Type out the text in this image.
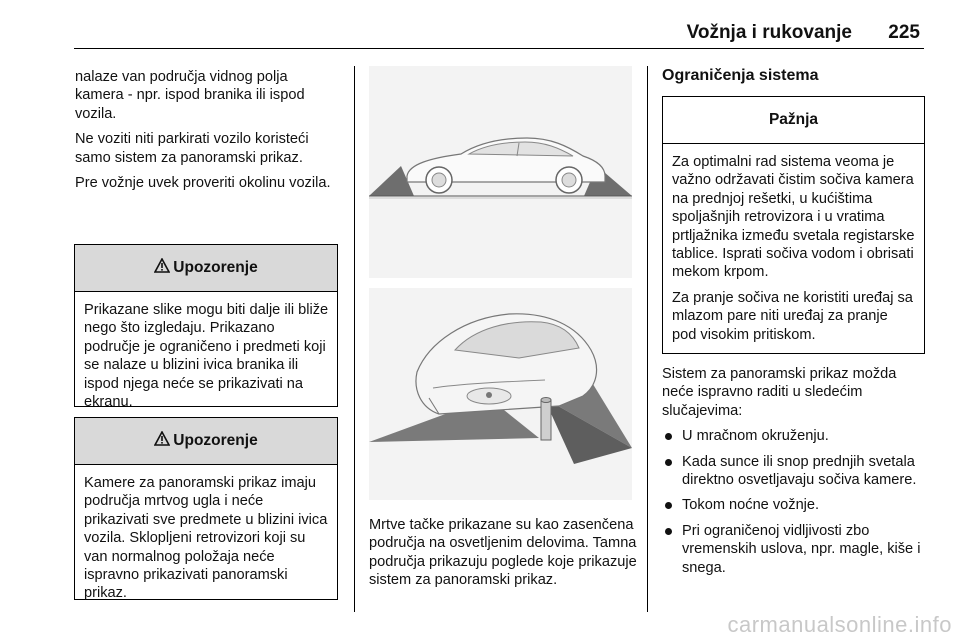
Vožnja i rukovanje 225

nalaze van područja vidnog polja kamera - npr. ispod branika ili ispod vozila.

Ne voziti niti parkirati vozilo koristeći samo sistem za panoramski prikaz.

Pre vožnje uvek proveriti okolinu vozila.

Upozorenje

Prikazane slike mogu biti dalje ili bliže nego što izgledaju. Prikazano područje je ograničeno i predmeti koji se nalaze u blizini ivica branika ili ispod njega neće se prikazivati na ekranu.

Upozorenje

Kamere za panoramski prikaz imaju područja mrtvog ugla i neće prikazivati sve predmete u blizini ivica vozila. Sklopljeni retrovizori koji su van normalnog položaja neće ispravno prikazivati panoramski prikaz.

Mrtve tačke prikazane su kao zasenčena područja na osvetljenim delovima. Tamna područja prikazuju poglede koje prikazuje sistem za panoramski prikaz.
Ograničenja sistema
Pažnja

Za optimalni rad sistema veoma je važno održavati čistim sočiva kamera na prednjoj rešetki, u kućištima spoljašnjih retrovizora i u vratima prtljažnika između svetala registarske tablice. Isprati sočiva vodom i obrisati mekom krpom.

Za pranje sočiva ne koristiti uređaj sa mlazom pare niti uređaj za pranje pod visokim pritiskom.

Sistem za panoramski prikaz možda neće ispravno raditi u sledećim slučajevima:

U mračnom okruženju.
Kada sunce ili snop prednjih svetala direktno osvetljavaju sočiva kamere.
Tokom noćne vožnje.
Pri ograničenoj vidljivosti zbo vremenskih uslova, npr. magle, kiše i snega.
carmanualsonline.info
